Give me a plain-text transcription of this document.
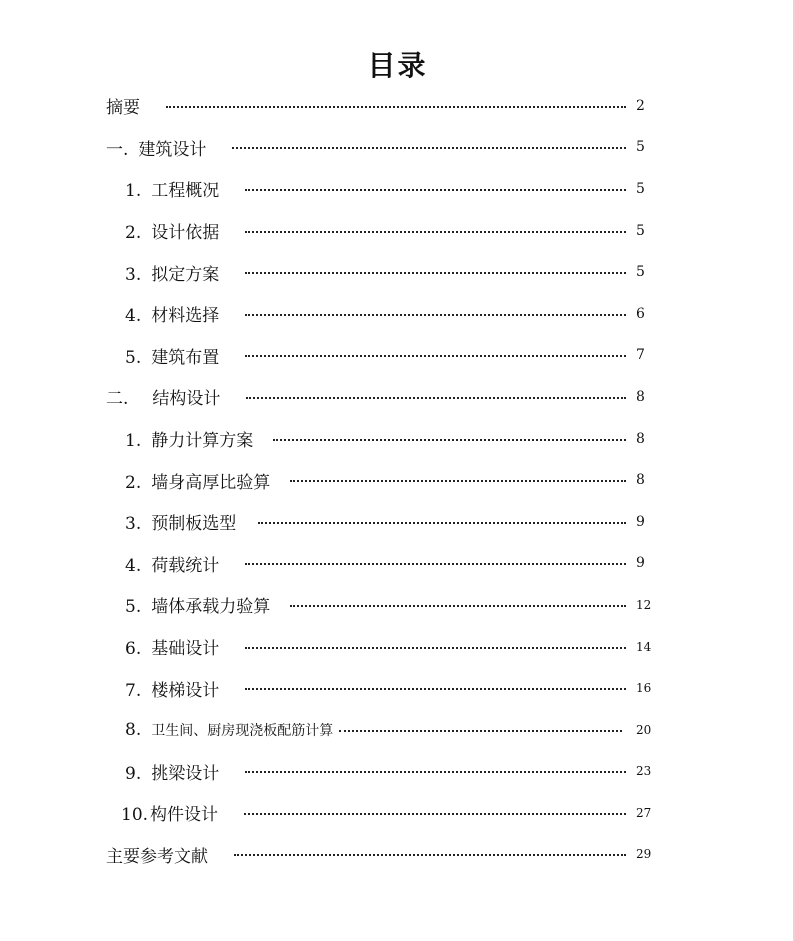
目录
摘要	2
一. 建筑设计	5
1. 工程概况	5
2. 设计依据	5
3. 拟定方案	5
4. 材料选择	6
5. 建筑布置	7
二. 结构设计	8
1. 静力计算方案	8
2. 墙身高厚比验算	8
3. 预制板选型	9
4. 荷载统计	9
5. 墙体承载力验算	12
6. 基础设计	14
7. 楼梯设计	16
8. 卫生间、厨房现浇板配筋计算	20
9. 挑梁设计	23
10. 构件设计	27
主要参考文献	29
